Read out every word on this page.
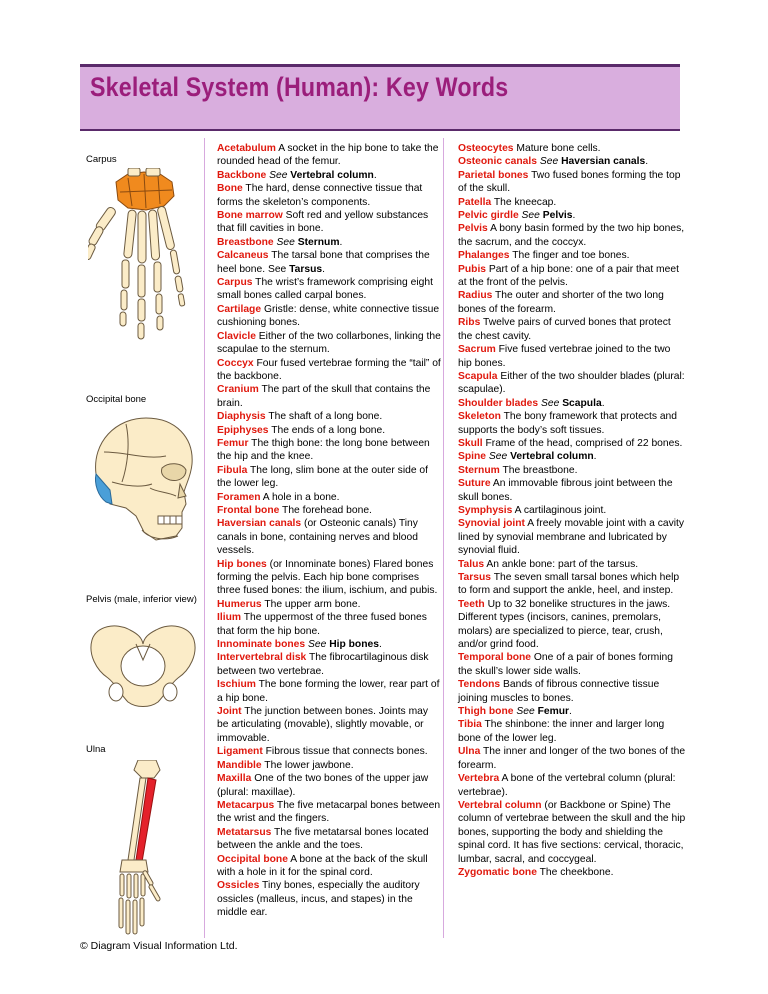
Skeletal System (Human): Key Words
Carpus
Occipital bone
Pelvis (male, inferior view)
Ulna

Acetabulum A socket in the hip bone to take the rounded head of the femur.

Backbone See Vertebral column.

Bone The hard, dense connective tissue that forms the skeleton’s components.

Bone marrow Soft red and yellow substances that fill cavities in bone.

Breastbone See Sternum.

Calcaneus The tarsal bone that comprises the heel bone. See Tarsus.

Carpus The wrist’s framework comprising eight small bones called carpal bones.

Cartilage Gristle: dense, white connective tissue cushioning bones.

Clavicle Either of the two collarbones, linking the scapulae to the sternum.

Coccyx Four fused vertebrae forming the “tail” of the backbone.

Cranium The part of the skull that contains the brain.

Diaphysis The shaft of a long bone.

Epiphyses The ends of a long bone.

Femur The thigh bone: the long bone between the hip and the knee.

Fibula The long, slim bone at the outer side of the lower leg.

Foramen A hole in a bone.

Frontal bone The forehead bone.

Haversian canals (or Osteonic canals) Tiny canals in bone, containing nerves and blood vessels.

Hip bones (or Innominate bones) Flared bones forming the pelvis. Each hip bone comprises three fused bones: the ilium, ischium, and pubis.

Humerus The upper arm bone.

Ilium The uppermost of the three fused bones that form the hip bone.

Innominate bones See Hip bones.

Intervertebral disk The fibrocartilaginous disk between two vertebrae.

Ischium The bone forming the lower, rear part of a hip bone.

Joint The junction between bones. Joints may be articulating (movable), slightly movable, or immovable.

Ligament Fibrous tissue that connects bones.

Mandible The lower jawbone.

Maxilla One of the two bones of the upper jaw (plural: maxillae).

Metacarpus The five metacarpal bones between the wrist and the fingers.

Metatarsus The five metatarsal bones located between the ankle and the toes.

Occipital bone A bone at the back of the skull with a hole in it for the spinal cord.

Ossicles Tiny bones, especially the auditory ossicles (malleus, incus, and stapes) in the middle ear.

Osteocytes Mature bone cells.

Osteonic canals See Haversian canals.

Parietal bones Two fused bones forming the top of the skull.

Patella The kneecap.

Pelvic girdle See Pelvis.

Pelvis A bony basin formed by the two hip bones, the sacrum, and the coccyx.

Phalanges The finger and toe bones.

Pubis Part of a hip bone: one of a pair that meet at the front of the pelvis.

Radius The outer and shorter of the two long bones of the forearm.

Ribs Twelve pairs of curved bones that protect the chest cavity.

Sacrum Five fused vertebrae joined to the two hip bones.

Scapula Either of the two shoulder blades (plural: scapulae).

Shoulder blades See Scapula.

Skeleton The bony framework that protects and supports the body’s soft tissues.

Skull Frame of the head, comprised of 22 bones.

Spine See Vertebral column.

Sternum The breastbone.

Suture An immovable fibrous joint between the skull bones.

Symphysis A cartilaginous joint.

Synovial joint A freely movable joint with a cavity lined by synovial membrane and lubricated by synovial fluid.

Talus An ankle bone: part of the tarsus.

Tarsus The seven small tarsal bones which help to form and support the ankle, heel, and instep.

Teeth Up to 32 bonelike structures in the jaws. Different types (incisors, canines, premolars, molars) are specialized to pierce, tear, crush, and/or grind food.

Temporal bone One of a pair of bones forming the skull’s lower side walls.

Tendons Bands of fibrous connective tissue joining muscles to bones.

Thigh bone See Femur.

Tibia The shinbone: the inner and larger long bone of the lower leg.

Ulna The inner and longer of the two bones of the forearm.

Vertebra A bone of the vertebral column (plural: vertebrae).

Vertebral column (or Backbone or Spine) The column of vertebrae between the skull and the hip bones, supporting the body and shielding the spinal cord. It has five sections: cervical, thoracic, lumbar, sacral, and coccygeal.

Zygomatic bone The cheekbone.

© Diagram Visual Information Ltd.
